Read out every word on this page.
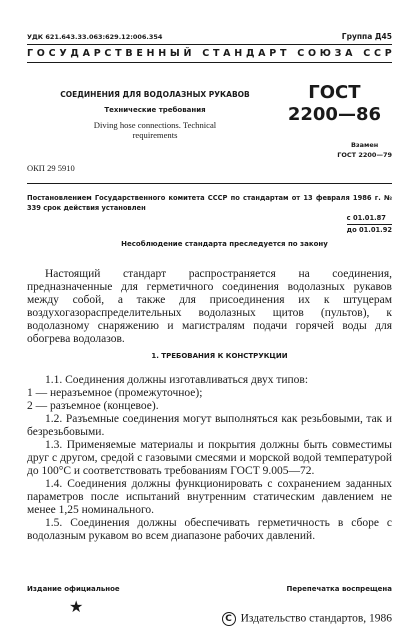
УДК 621.643.33.063:629.12:006.354	Группа Д45
Г О С У Д А Р С Т В Е Н Н Ы Й
С Т А Н Д А Р Т
С О Ю З А
С С Р
СОЕДИНЕНИЯ ДЛЯ ВОДОЛАЗНЫХ РУКАВОВ
Технические требования
Diving hose connections. Technical
requirements
ГОСТ
2200—86
Взамен
ГОСТ 2200—79
ОКП 29 5910
Постановлением Государственного комитета СССР по стандартам от 13 февраля 1986 г. № 339 срок действия установлен
с 01.01.87
до 01.01.92
Несоблюдение стандарта преследуется по закону
Настоящий стандарт распространяется на соединения, предназначенные для герметичного соединения водолазных рукавов между собой, а также для присоединения их к штуцерам воздухогазораспределительных водолазных щитов (пультов), к водолазному снаряжению и магистралям подачи горячей воды для обогрева водолазов.
1. ТРЕБОВАНИЯ К КОНСТРУКЦИИ

1.1. Соединения должны изготавливаться двух типов:

1 — неразъемное (промежуточное);

2 — разъемное (концевое).

1.2. Разъемные соединения могут выполняться как резьбовыми, так и безрезьбовыми.

1.3. Применяемые материалы и покрытия должны быть совместимы друг с другом, средой с газовыми смесями и морской водой температурой до 100°С и соответствовать требованиям ГОСТ 9.005—72.

1.4. Соединения должны функционировать с сохранением заданных параметров после испытаний внутренним статическим давлением не менее 1,25 номинального.

1.5. Соединения должны обеспечивать герметичность в сборе с водолазным рукавом во всем диапазоне рабочих давлений.

Издание официальное	Перепечатка воспрещена
★
С Издательство стандартов, 1986
